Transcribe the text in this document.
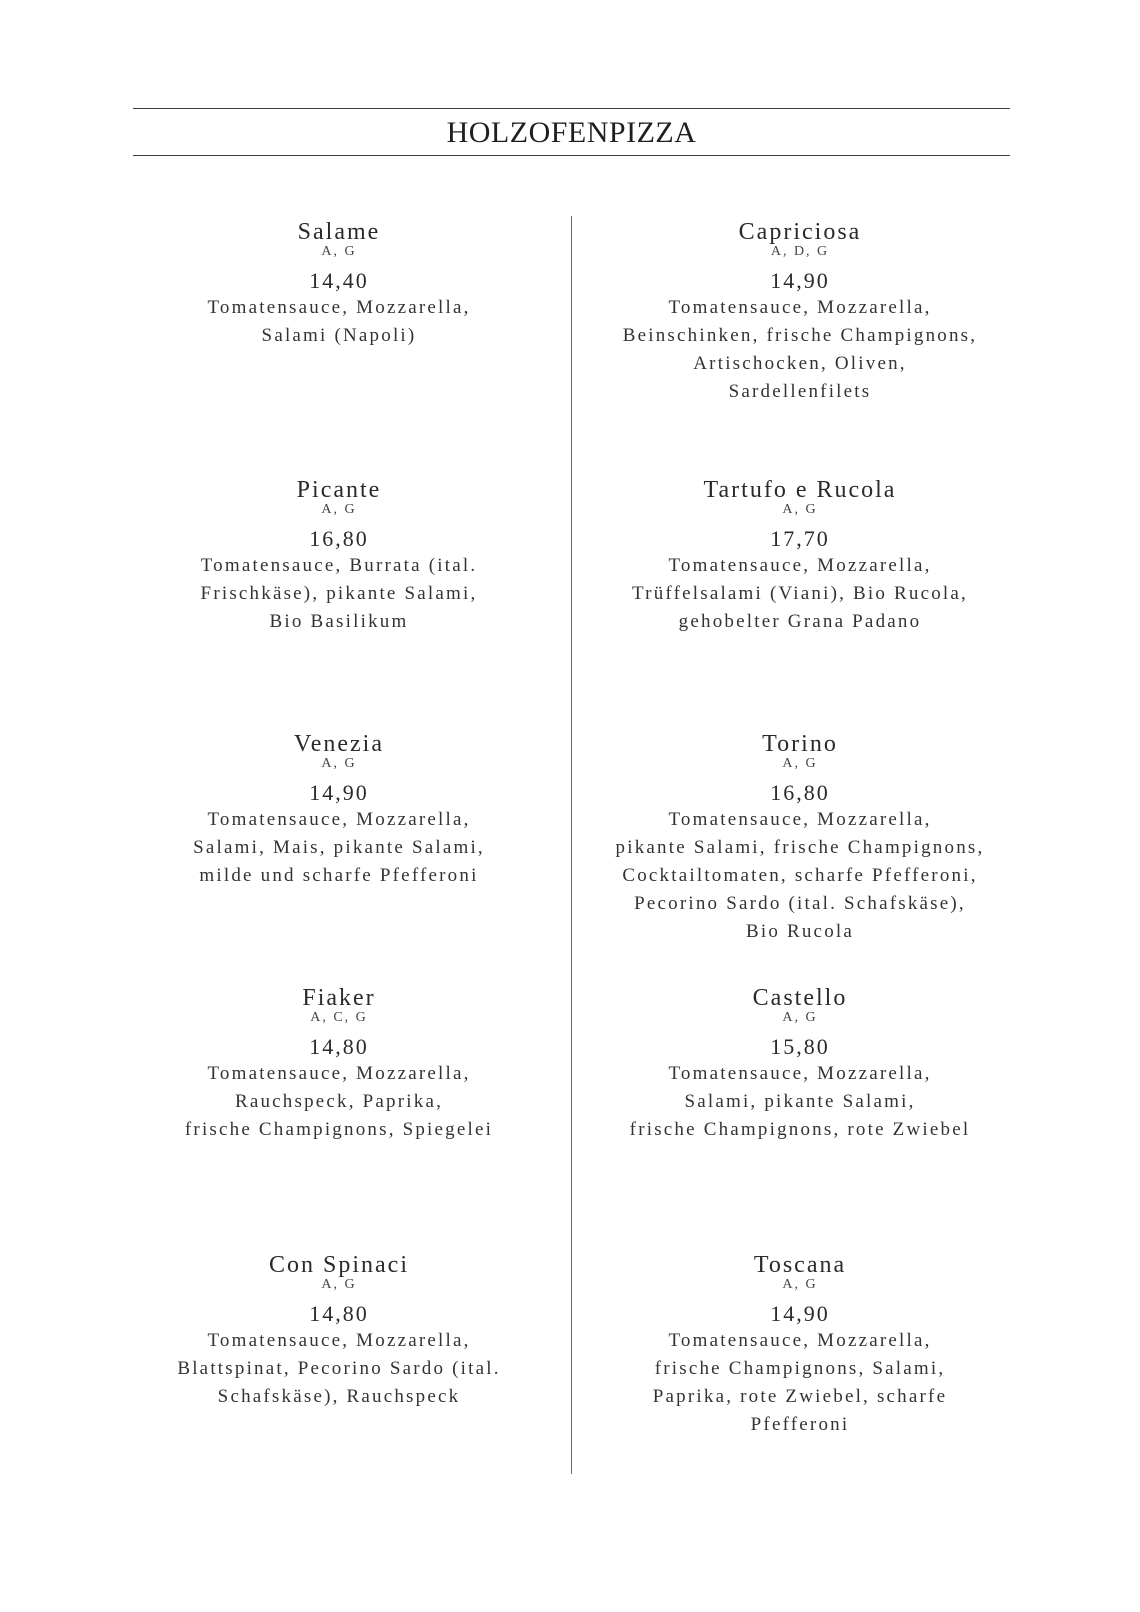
HOLZOFENPIZZA
Salame
A, G
14,40
Tomatensauce, Mozzarella,
Salami (Napoli)
Picante
A, G
16,80
Tomatensauce, Burrata (ital.
Frischkäse), pikante Salami,
Bio Basilikum
Venezia
A, G
14,90
Tomatensauce, Mozzarella,
Salami, Mais, pikante Salami,
milde und scharfe Pfefferoni
Fiaker
A, C, G
14,80
Tomatensauce, Mozzarella,
Rauchspeck, Paprika,
frische Champignons, Spiegelei
Con Spinaci
A, G
14,80
Tomatensauce, Mozzarella,
Blattspinat, Pecorino Sardo (ital.
Schafskäse), Rauchspeck
Capriciosa
A, D, G
14,90
Tomatensauce, Mozzarella,
Beinschinken, frische Champignons,
Artischocken, Oliven,
Sardellenfilets
Tartufo e Rucola
A, G
17,70
Tomatensauce, Mozzarella,
Trüffelsalami (Viani), Bio Rucola,
gehobelter Grana Padano
Torino
A, G
16,80
Tomatensauce, Mozzarella,
pikante Salami, frische Champignons,
Cocktailtomaten, scharfe Pfefferoni,
Pecorino Sardo (ital. Schafskäse),
Bio Rucola
Castello
A, G
15,80
Tomatensauce, Mozzarella,
Salami, pikante Salami,
frische Champignons, rote Zwiebel
Toscana
A, G
14,90
Tomatensauce, Mozzarella,
frische Champignons, Salami,
Paprika, rote Zwiebel, scharfe
Pfefferoni
